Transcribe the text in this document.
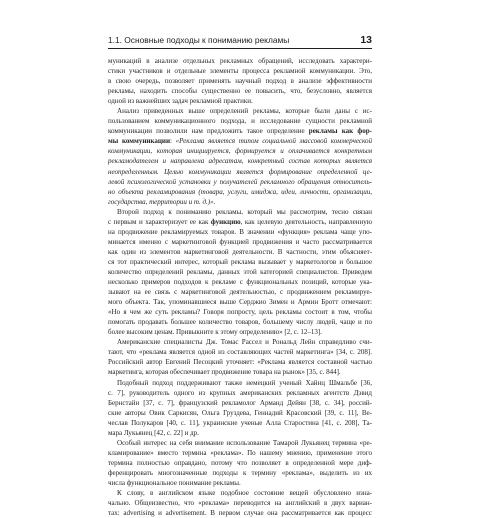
1.1. Основные подходы к пониманию рекламы	13
муникаций в анализе отдельных рекламных обращений, исследовать характери-
стики участников и отдельные элементы процесса рекламной коммуникации. Это,
в свою очередь, позволяет применять научный подход в анализе эффективности
рекламы, находить способы существенно ее повысить, что, безусловно, является
одной из важнейших задач рекламной практики.
Анализ приведенных выше определений рекламы, которые были даны с ис-
пользованием коммуникационного подхода, и исследование сущности рекламной
коммуникации позволили нам предложить такое определение рекламы как фор-
мы коммуникации: «Реклама является типом социальной массовой коммерческой
коммуникации, которая инициируется, формируется и оплачивается конкретным
рекламодателем и направлена адресатам, конкретный состав которых является
неопределенным. Целью коммуникации является формирование определенной це-
левой психологической установки у получателей рекламного обращения относитель-
но объекта рекламирования (товара, услуги, имиджа, идеи, личности, организации,
государства, территории и т. д.)».
Второй подход к пониманию рекламы, который мы рассмотрим, тесно связан
с первым и характеризует ее как функцию, как целевую деятельность, направленную
на продвижение рекламируемых товаров. В значении «функция» реклама чаще упо-
минается именно с маркетинговой функцией продвижения и часто рассматривается
как один из элементов маркетинговой деятельности. В частности, этим объясняет-
ся тот практический интерес, который реклама вызывает у маркетологов и большое
количество определений рекламы, данных этой категорией специалистов. Приведем
несколько примеров подходов к рекламе с функциональных позиций, которые ука-
зывают на ее связь с маркетинговой деятельностью, с продвижением рекламируе-
мого объекта. Так, упоминавшиеся выше Серджио Зимен и Армин Бротт отмечают:
«Но я чем же суть рекламы? Говоря попросту, цель рекламы состоит в том, чтобы
помогать продавать большее количество товаров, большему числу людей, чаще и по
более высоким ценам. Привыкните к этому определению» [2, с. 12–13].
Американские специалисты Дж. Томас Рассел и Рональд Лейн справедливо счи-
тают, что «реклама является одной из составляющих частей маркетинга» [34, с. 208].
Российский автор Евгений Песоцкий уточняет: «Реклама является составной частью
маркетинга, которая обеспечивает продвижение товара на рынок» [35, с. 844].
Подобный подход поддерживают также немецкий ученый Хайнц Шмальбе [36,
с. 7], руководитель одного из крупных американских рекламных агентств Дэвид
Бернстайн [37, с. 7], французский рекламолог Арманд Дейян [38, с. 34], россий-
ские авторы Овик Саркисян, Ольга Груздева, Геннадий Красовский [39, с. 11], Ве-
чеслав Полукаров [40, с. 11], украинские ученые Алла Старостина [41, с. 208], Та-
мара Лукьянец [42, с. 22] и др.
Особый интерес на себя внимание использование Тамарой Лукьянец термина «ре-
кламирование» вместо термина «реклама». По нашему мнению, применение этого
термина полностью оправдано, потому что позволяет в определенной мере диф-
ференцировать многозначенные подходы к термину «реклама», выделить из их
числа функциональное понимание рекламы.
К слову, в английском языке подобное состояние вещей обусловлено изна-
чально. Общеизвестно, что «реклама» переводится на английский в двух вариан-
тах: advertising и advertisement. В первом случае она рассматривается как процесс
